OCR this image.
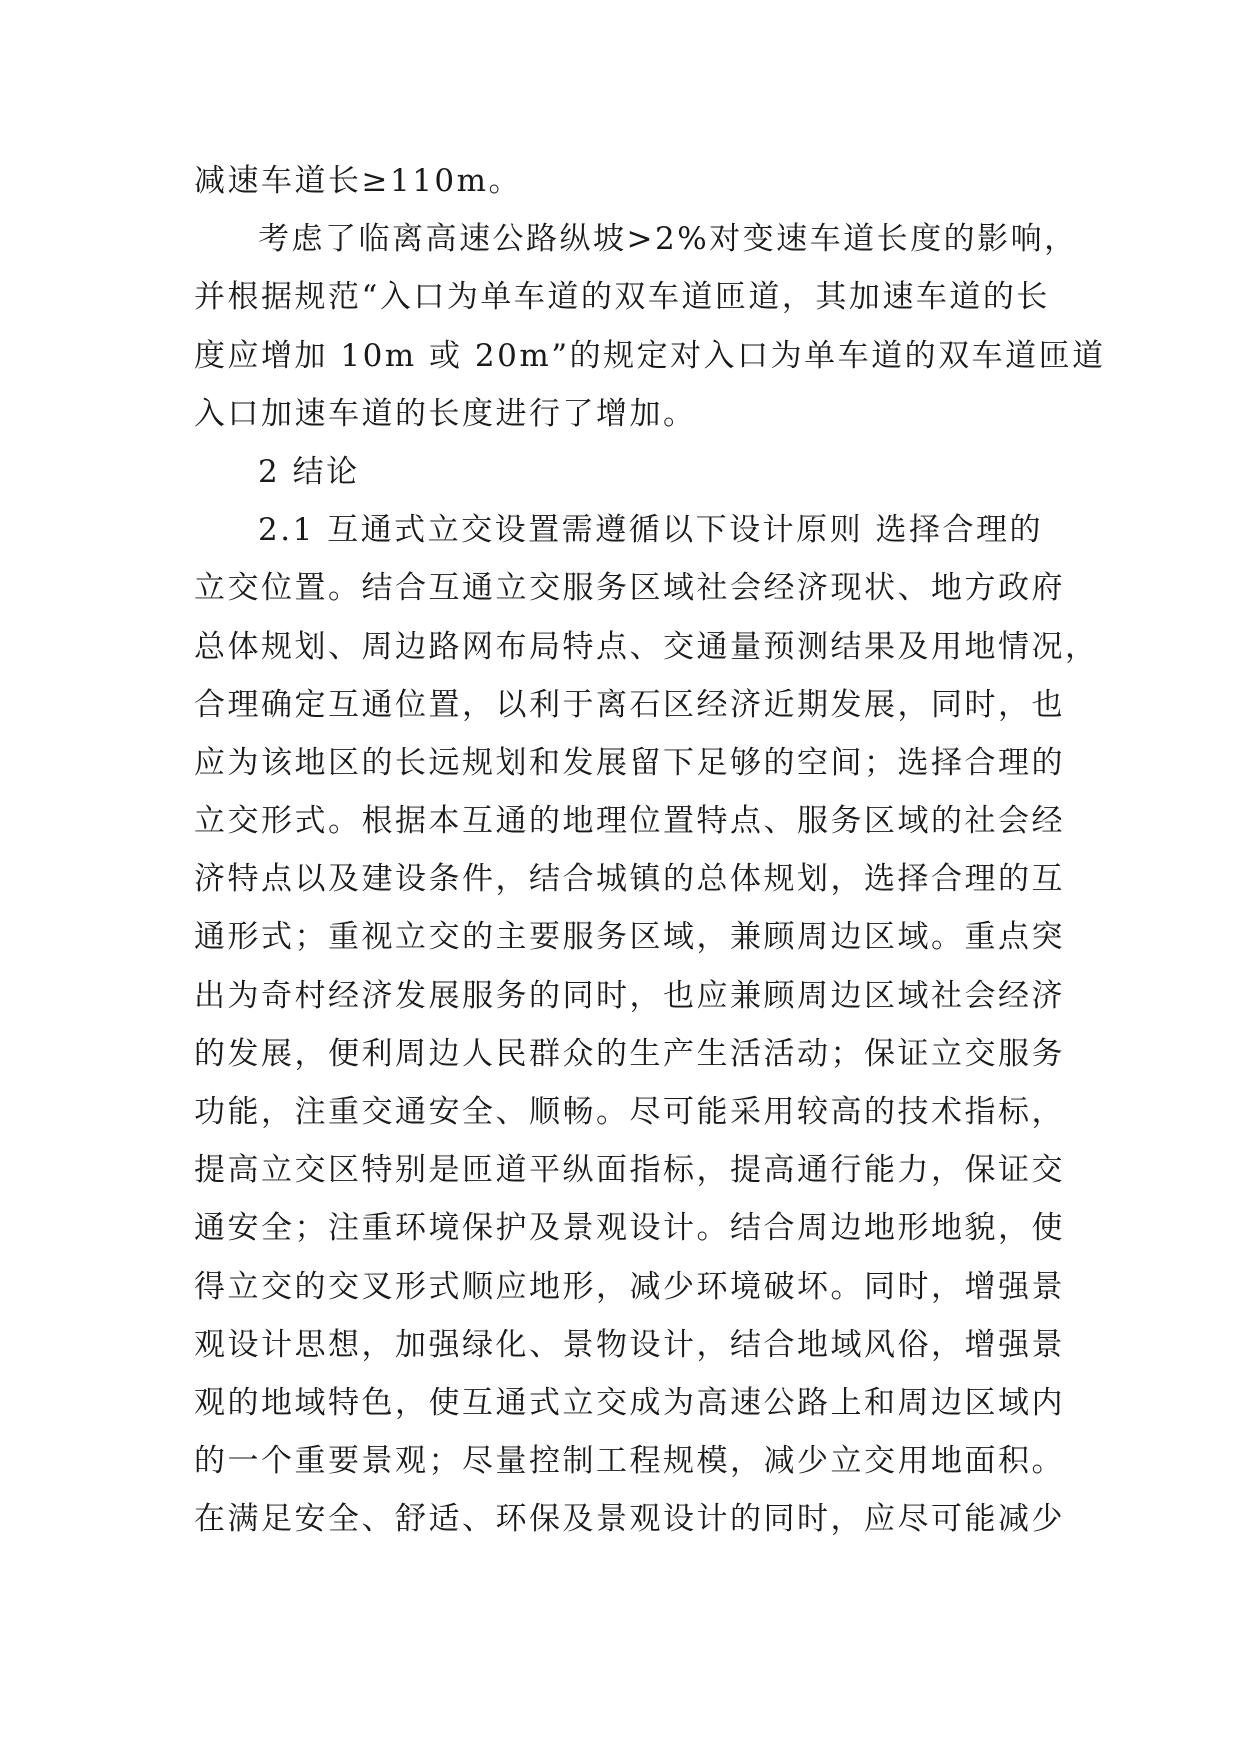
减速车道长≥110m。
考虑了临离高速公路纵坡>2%对变速车道长度的影响，
并根据规范“入口为单车道的双车道匝道，其加速车道的长
度应增加 10m 或 20m”的规定对入口为单车道的双车道匝道
入口加速车道的长度进行了增加。
2 结论
2.1 互通式立交设置需遵循以下设计原则 选择合理的
立交位置。结合互通立交服务区域社会经济现状、地方政府
总体规划、周边路网布局特点、交通量预测结果及用地情况，
合理确定互通位置，以利于离石区经济近期发展，同时，也
应为该地区的长远规划和发展留下足够的空间；选择合理的
立交形式。根据本互通的地理位置特点、服务区域的社会经
济特点以及建设条件，结合城镇的总体规划，选择合理的互
通形式；重视立交的主要服务区域，兼顾周边区域。重点突
出为奇村经济发展服务的同时，也应兼顾周边区域社会经济
的发展，便利周边人民群众的生产生活活动；保证立交服务
功能，注重交通安全、顺畅。尽可能采用较高的技术指标，
提高立交区特别是匝道平纵面指标，提高通行能力，保证交
通安全；注重环境保护及景观设计。结合周边地形地貌，使
得立交的交叉形式顺应地形，减少环境破坏。同时，增强景
观设计思想，加强绿化、景物设计，结合地域风俗，增强景
观的地域特色，使互通式立交成为高速公路上和周边区域内
的一个重要景观；尽量控制工程规模，减少立交用地面积。
在满足安全、舒适、环保及景观设计的同时，应尽可能减少
